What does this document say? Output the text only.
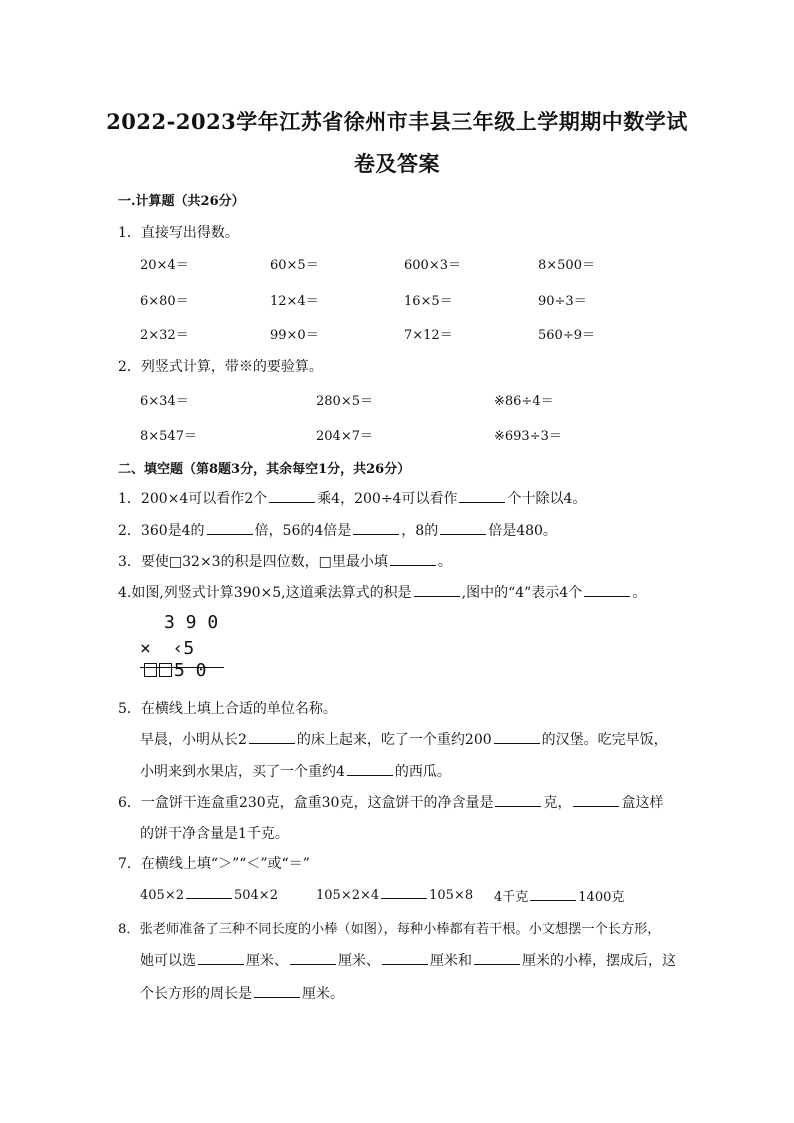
2022-2023学年江苏省徐州市丰县三年级上学期期中数学试
卷及答案
一.计算题（共26分）
1．直接写出得数。
20×4＝	60×5＝	600×3＝	8×500＝
6×80＝	12×4＝	16×5＝	90÷3＝
2×32＝	99×0＝	7×12＝	560÷9＝
2．列竖式计算，带※的要验算。
6×34＝	280×5＝	※86÷4＝
8×547＝	204×7＝	※693÷3＝
二、填空题（第8题3分，其余每空1分，共26分）
1．200×4可以看作2个	乘4，200÷4可以看作	个十除以4。
2．360是4的	倍，56的4倍是	，8的	倍是480。
3．要使□32×3的积是四位数，□里最小填	。
4.如图,列竖式计算390×5,这道乘法算式的积是	,图中的“4”表示4个	。
3 9 0
×  ‹5
5 0
5．在横线上填上合适的单位名称。
早晨，小明从长2	的床上起来，吃了一个重约200	的汉堡。吃完早饭，
小明来到水果店，买了一个重约4	的西瓜。
6．一盒饼干连盒重230克，盒重30克，这盒饼干的净含量是	克，	盒这样
的饼干净含量是1千克。
7．在横线上填“＞”“＜”或“＝”
405×2	504×2	105×2×4	105×8 4千克	1400克
8．张老师准备了三种不同长度的小棒（如图），每种小棒都有若干根。小文想摆一个长方形，
她可以选	厘米、	厘米、	厘米和	厘米的小棒，摆成后，这
个长方形的周长是	厘米。
